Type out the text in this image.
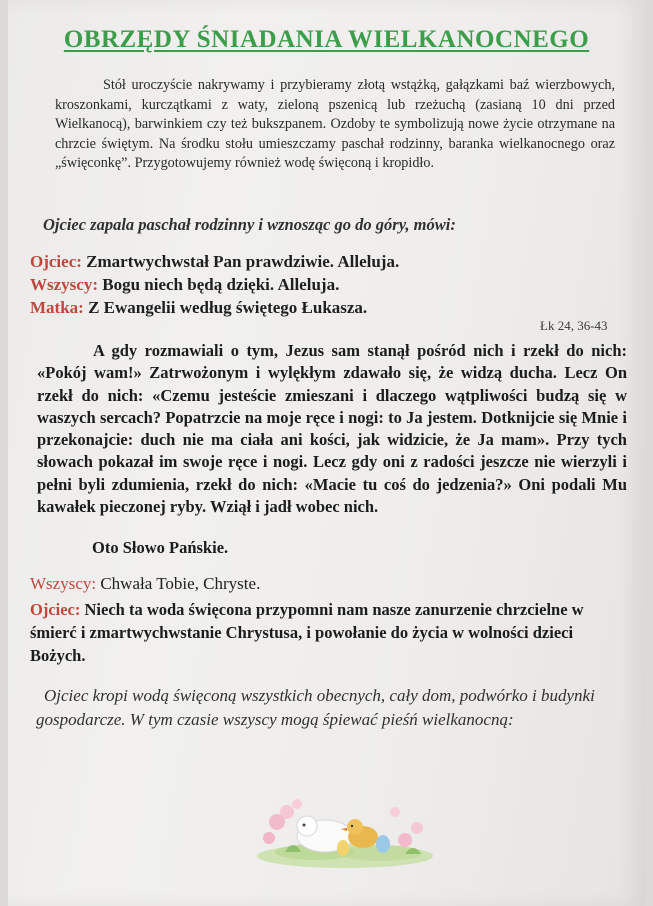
OBRZĘDY ŚNIADANIA WIELKANOCNEGO

Stół uroczyście nakrywamy i przybieramy złotą wstążką, gałązkami baź wierzbowych, kroszonkami, kurczątkami z waty, zieloną pszenicą lub rzeżuchą (zasianą 10 dni przed Wielkanocą), barwinkiem czy też bukszpanem. Ozdoby te symbolizują nowe życie otrzymane na chrzcie świętym. Na środku stołu umieszczamy paschał rodzinny, baranka wielkanocnego oraz „święconkę”. Przygotowujemy również wodę święconą i kropidło.

Ojciec zapala paschał rodzinny i wznosząc go do góry, mówi:

Ojciec: Zmartwychwstał Pan prawdziwie. Alleluja.

Wszyscy: Bogu niech będą dzięki. Alleluja.

Matka: Z Ewangelii według świętego Łukasza.

Łk 24, 36-43

A gdy rozmawiali o tym, Jezus sam stanął pośród nich i rzekł do nich: «Pokój wam!» Zatrwożonym i wylękłym zdawało się, że widzą ducha. Lecz On rzekł do nich: «Czemu jesteście zmieszani i dlaczego wątpliwości budzą się w waszych sercach? Popatrzcie na moje ręce i nogi: to Ja jestem. Dotknijcie się Mnie i przekonajcie: duch nie ma ciała ani kości, jak widzicie, że Ja mam». Przy tych słowach pokazał im swoje ręce i nogi. Lecz gdy oni z radości jeszcze nie wierzyli i pełni byli zdumienia, rzekł do nich: «Macie tu coś do jedzenia?» Oni podali Mu kawałek pieczonej ryby. Wziął i jadł wobec nich.

Oto Słowo Pańskie.

Wszyscy: Chwała Tobie, Chryste.

Ojciec: Niech ta woda święcona przypomni nam nasze zanurzenie chrzcielne w śmierć i zmartwychwstanie Chrystusa, i powołanie do życia w wolności dzieci Bożych.

Ojciec kropi wodą święconą wszystkich obecnych, cały dom, podwórko i budynki gospodarcze. W tym czasie wszyscy mogą śpiewać pieśń wielkanocną:
